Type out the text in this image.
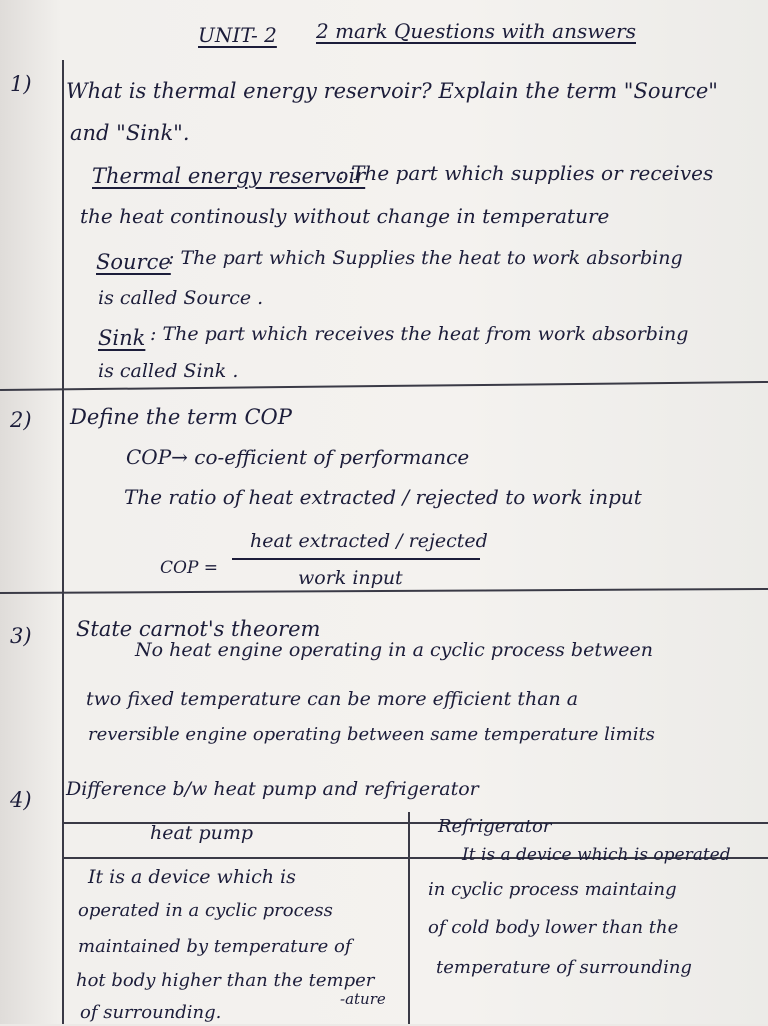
UNIT- 2 2 mark Questions with answers
1) What is thermal energy reservoir? Explain the term "Source"
and "Sink".
Thermal energy reservoir
: The part which supplies or receives
the heat continously without change in temperature
Source
: The part which Supplies the heat to work absorbing
is called Source .
Sink : The part which receives the heat from work absorbing
is called Sink .
2) Define the term COP
COP→ co-efficient of performance
The ratio of heat extracted / rejected to work input
COP =
heat extracted / rejected
work input
3) State carnot's theorem
No heat engine operating in a cyclic process between
two fixed temperature can be more efficient than a
reversible engine operating between same temperature limits
4) Difference b/w heat pump and refrigerator
heat pump	Refrigerator
It is a device which is
operated in a cyclic process
maintained by temperature of
hot body higher than the temper
-ature
of surrounding.
It is a device which is operated
in cyclic process maintaing
of cold body lower than the
temperature of surrounding
